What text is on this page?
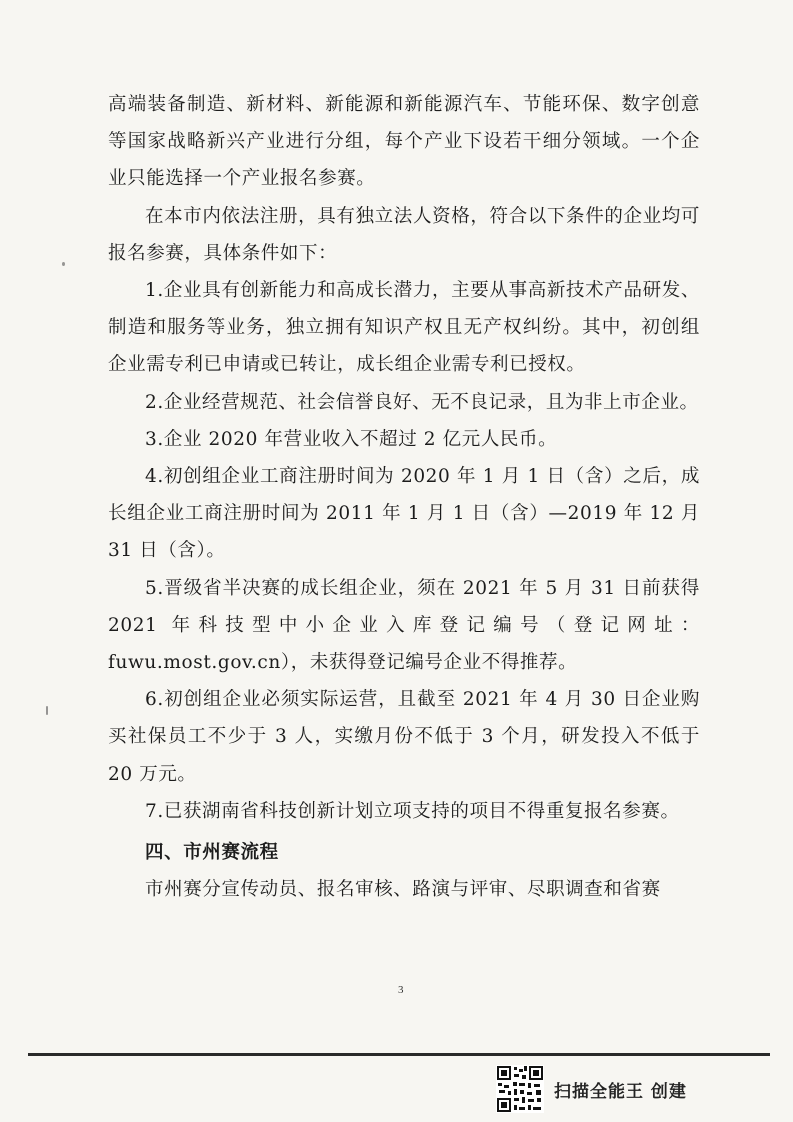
高端装备制造、新材料、新能源和新能源汽车、节能环保、数字创意等国家战略新兴产业进行分组，每个产业下设若干细分领域。一个企业只能选择一个产业报名参赛。

在本市内依法注册，具有独立法人资格，符合以下条件的企业均可报名参赛，具体条件如下：

1.企业具有创新能力和高成长潜力，主要从事高新技术产品研发、制造和服务等业务，独立拥有知识产权且无产权纠纷。其中，初创组企业需专利已申请或已转让，成长组企业需专利已授权。

2.企业经营规范、社会信誉良好、无不良记录，且为非上市企业。

3.企业 2020 年营业收入不超过 2 亿元人民币。

4.初创组企业工商注册时间为 2020 年 1 月 1 日（含）之后，成长组企业工商注册时间为 2011 年 1 月 1 日（含）—2019 年 12 月 31 日（含）。

5.晋级省半决赛的成长组企业，须在 2021 年 5 月 31 日前获得 2021 年科技型中小企业入库登记编号（登记网址：fuwu.most.gov.cn），未获得登记编号企业不得推荐。

6.初创组企业必须实际运营，且截至 2021 年 4 月 30 日企业购买社保员工不少于 3 人，实缴月份不低于 3 个月，研发投入不低于 20 万元。

7.已获湖南省科技创新计划立项支持的项目不得重复报名参赛。

四、市州赛流程

市州赛分宣传动员、报名审核、路演与评审、尽职调查和省赛

3
扫描全能王 创建
